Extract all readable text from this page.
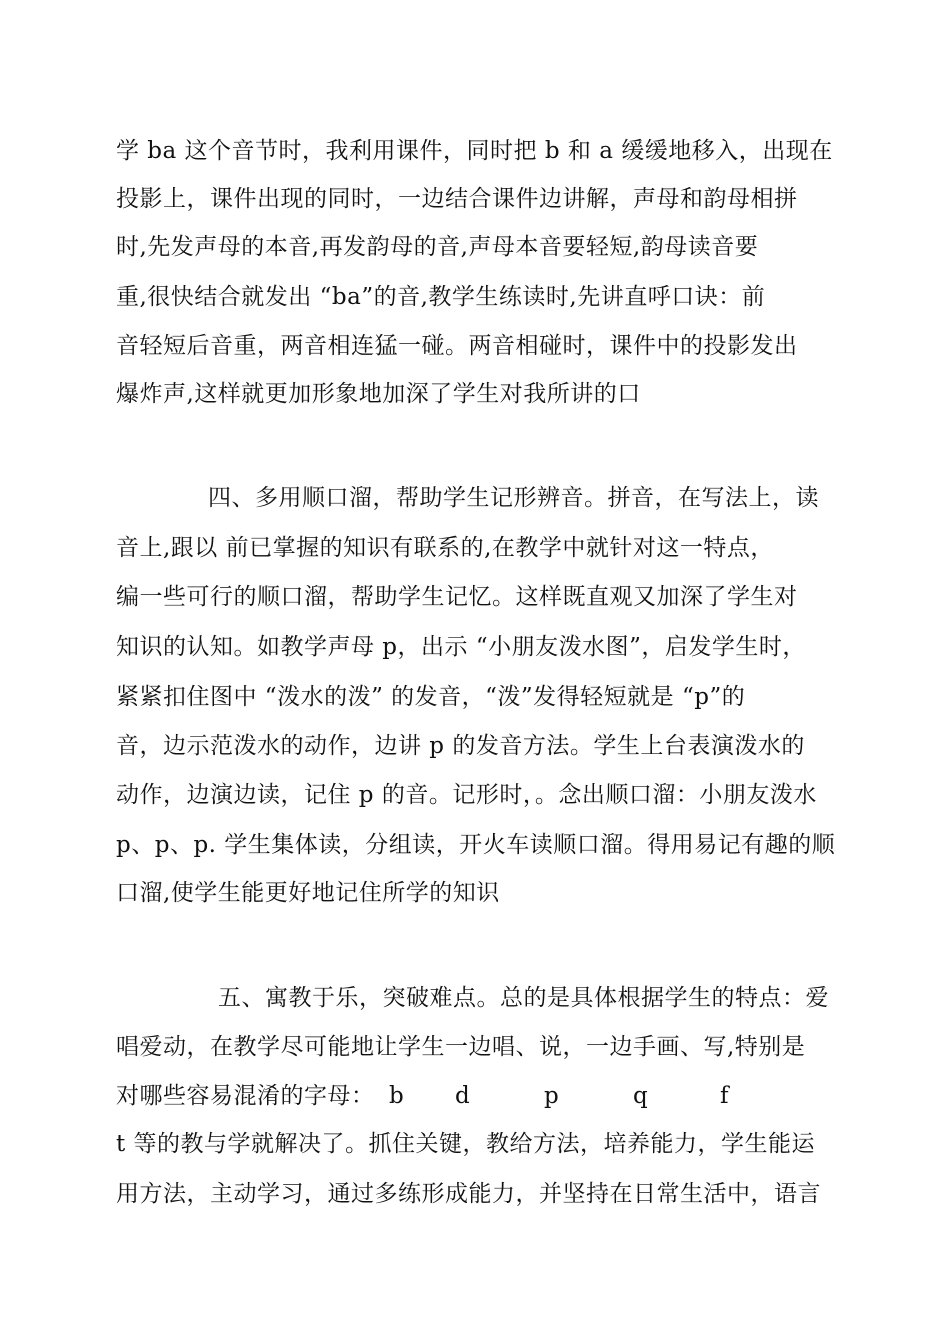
学 ba 这个音节时，我利用课件，同时把 b 和 a 缓缓地移入，出现在
投影上，课件出现的同时，一边结合课件边讲解，声母和韵母相拼
时,先发声母的本音,再发韵母的音,声母本音要轻短,韵母读音要
重,很快结合就发出 “ba”的音,教学生练读时,先讲直呼口诀：前
音轻短后音重，两音相连猛一碰。两音相碰时，课件中的投影发出
爆炸声,这样就更加形象地加深了学生对我所讲的口
四、多用顺口溜，帮助学生记形辨音。拼音，在写法上，读
音上,跟以 前已掌握的知识有联系的,在教学中就针对这一特点，
编一些可行的顺口溜，帮助学生记忆。这样既直观又加深了学生对
知识的认知。如教学声母 p，出示 “小朋友泼水图”，启发学生时，
紧紧扣住图中 “泼水的泼” 的发音，“泼”发得轻短就是 “p”的
音，边示范泼水的动作，边讲 p 的发音方法。学生上台表演泼水的
动作，边演边读，记住 p 的音。记形时，。念出顺口溜：小朋友泼水
p、p、p. 学生集体读，分组读，开火车读顺口溜。得用易记有趣的顺
口溜,使学生能更好地记住所学的知识
五、寓教于乐，突破难点。总的是具体根据学生的特点：爱
唱爱动，在教学尽可能地让学生一边唱、说，一边手画、写,特别是
对哪些容易混淆的字母： b d	p	q	f
t 等的教与学就解决了。抓住关键，教给方法，培养能力，学生能运
用方法，主动学习，通过多练形成能力，并坚持在日常生活中，语言
